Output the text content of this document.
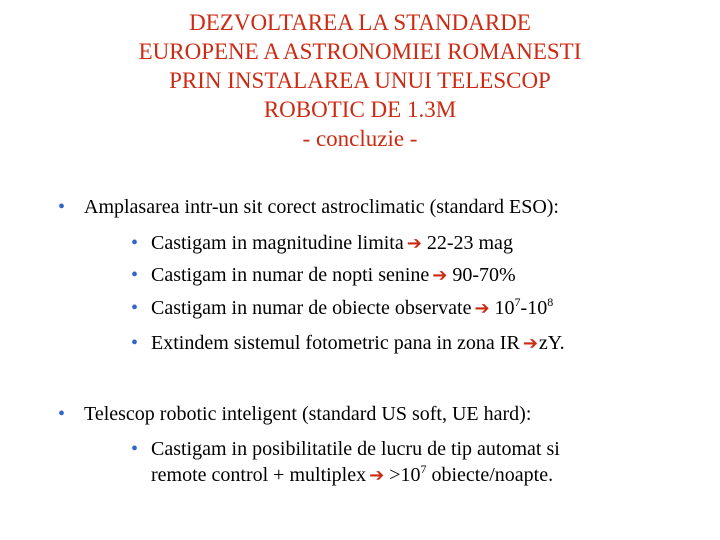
DEZVOLTAREA LA STANDARDE
EUROPENE A ASTRONOMIEI ROMANESTI
PRIN INSTALAREA UNUI TELESCOP
ROBOTIC DE 1.3M
- concluzie -
• Amplasarea intr-un sit corect astroclimatic (standard ESO):
• Castigam in magnitudine limita ➔ 22-23 mag
• Castigam in numar de nopti senine ➔ 90-70%
• Castigam in numar de obiecte observate ➔ $10^7-10^8$
• Extindem sistemul fotometric pana in zona IR ➔zY.
• Telescop robotic inteligent (standard US soft, UE hard):
• Castigam in posibilitatile de lucru de tip automat si
remote control + multiplex ➔ $>10^7$ obiecte/noapte.
